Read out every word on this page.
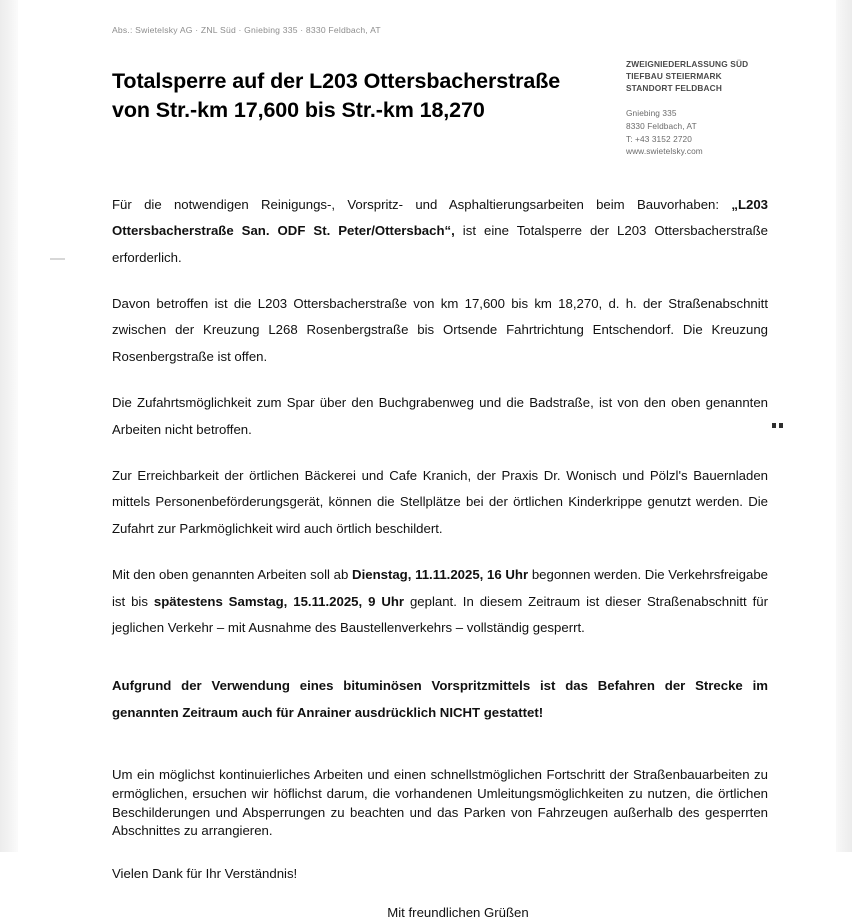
Abs.: Swietelsky AG · ZNL Süd · Gniebing 335 · 8330 Feldbach, AT
Totalsperre auf der L203 Ottersbacherstraße
von Str.-km 17,600 bis Str.-km 18,270
ZWEIGNIEDERLASSUNG SÜD
TIEFBAU STEIERMARK
STANDORT FELDBACH
Gniebing 335
8330 Feldbach, AT
T: +43 3152 2720
www.swietelsky.com

Für die notwendigen Reinigungs-, Vorspritz- und Asphaltierungsarbeiten beim Bauvorhaben: „L203 Ottersbacherstraße San. ODF St. Peter/Ottersbach“, ist eine Totalsperre der L203 Ottersbacherstraße erforderlich.

Davon betroffen ist die L203 Ottersbacherstraße von km 17,600 bis km 18,270, d. h. der Straßenabschnitt zwischen der Kreuzung L268 Rosenbergstraße bis Ortsende Fahrtrichtung Entschendorf. Die Kreuzung Rosenbergstraße ist offen.

Die Zufahrtsmöglichkeit zum Spar über den Buchgrabenweg und die Badstraße, ist von den oben genannten Arbeiten nicht betroffen.

Zur Erreichbarkeit der örtlichen Bäckerei und Cafe Kranich, der Praxis Dr. Wonisch und Pölzl's Bauernladen mittels Personenbeförderungsgerät, können die Stellplätze bei der örtlichen Kinderkrippe genutzt werden. Die Zufahrt zur Parkmöglichkeit wird auch örtlich beschildert.

Mit den oben genannten Arbeiten soll ab Dienstag, 11.11.2025, 16 Uhr begonnen werden. Die Verkehrsfreigabe ist bis spätestens Samstag, 15.11.2025, 9 Uhr geplant. In diesem Zeitraum ist dieser Straßenabschnitt für jeglichen Verkehr – mit Ausnahme des Baustellenverkehrs – vollständig gesperrt.

Aufgrund der Verwendung eines bituminösen Vorspritzmittels ist das Befahren der Strecke im genannten Zeitraum auch für Anrainer ausdrücklich NICHT gestattet!

Um ein möglichst kontinuierliches Arbeiten und einen schnellstmöglichen Fortschritt der Straßenbauarbeiten zu ermöglichen, ersuchen wir höflichst darum, die vorhandenen Umleitungsmöglichkeiten zu nutzen, die örtlichen Beschilderungen und Absperrungen zu beachten und das Parken von Fahrzeugen außerhalb des gesperrten Abschnittes zu arrangieren.

Vielen Dank für Ihr Verständnis!

Mit freundlichen Grüßen
